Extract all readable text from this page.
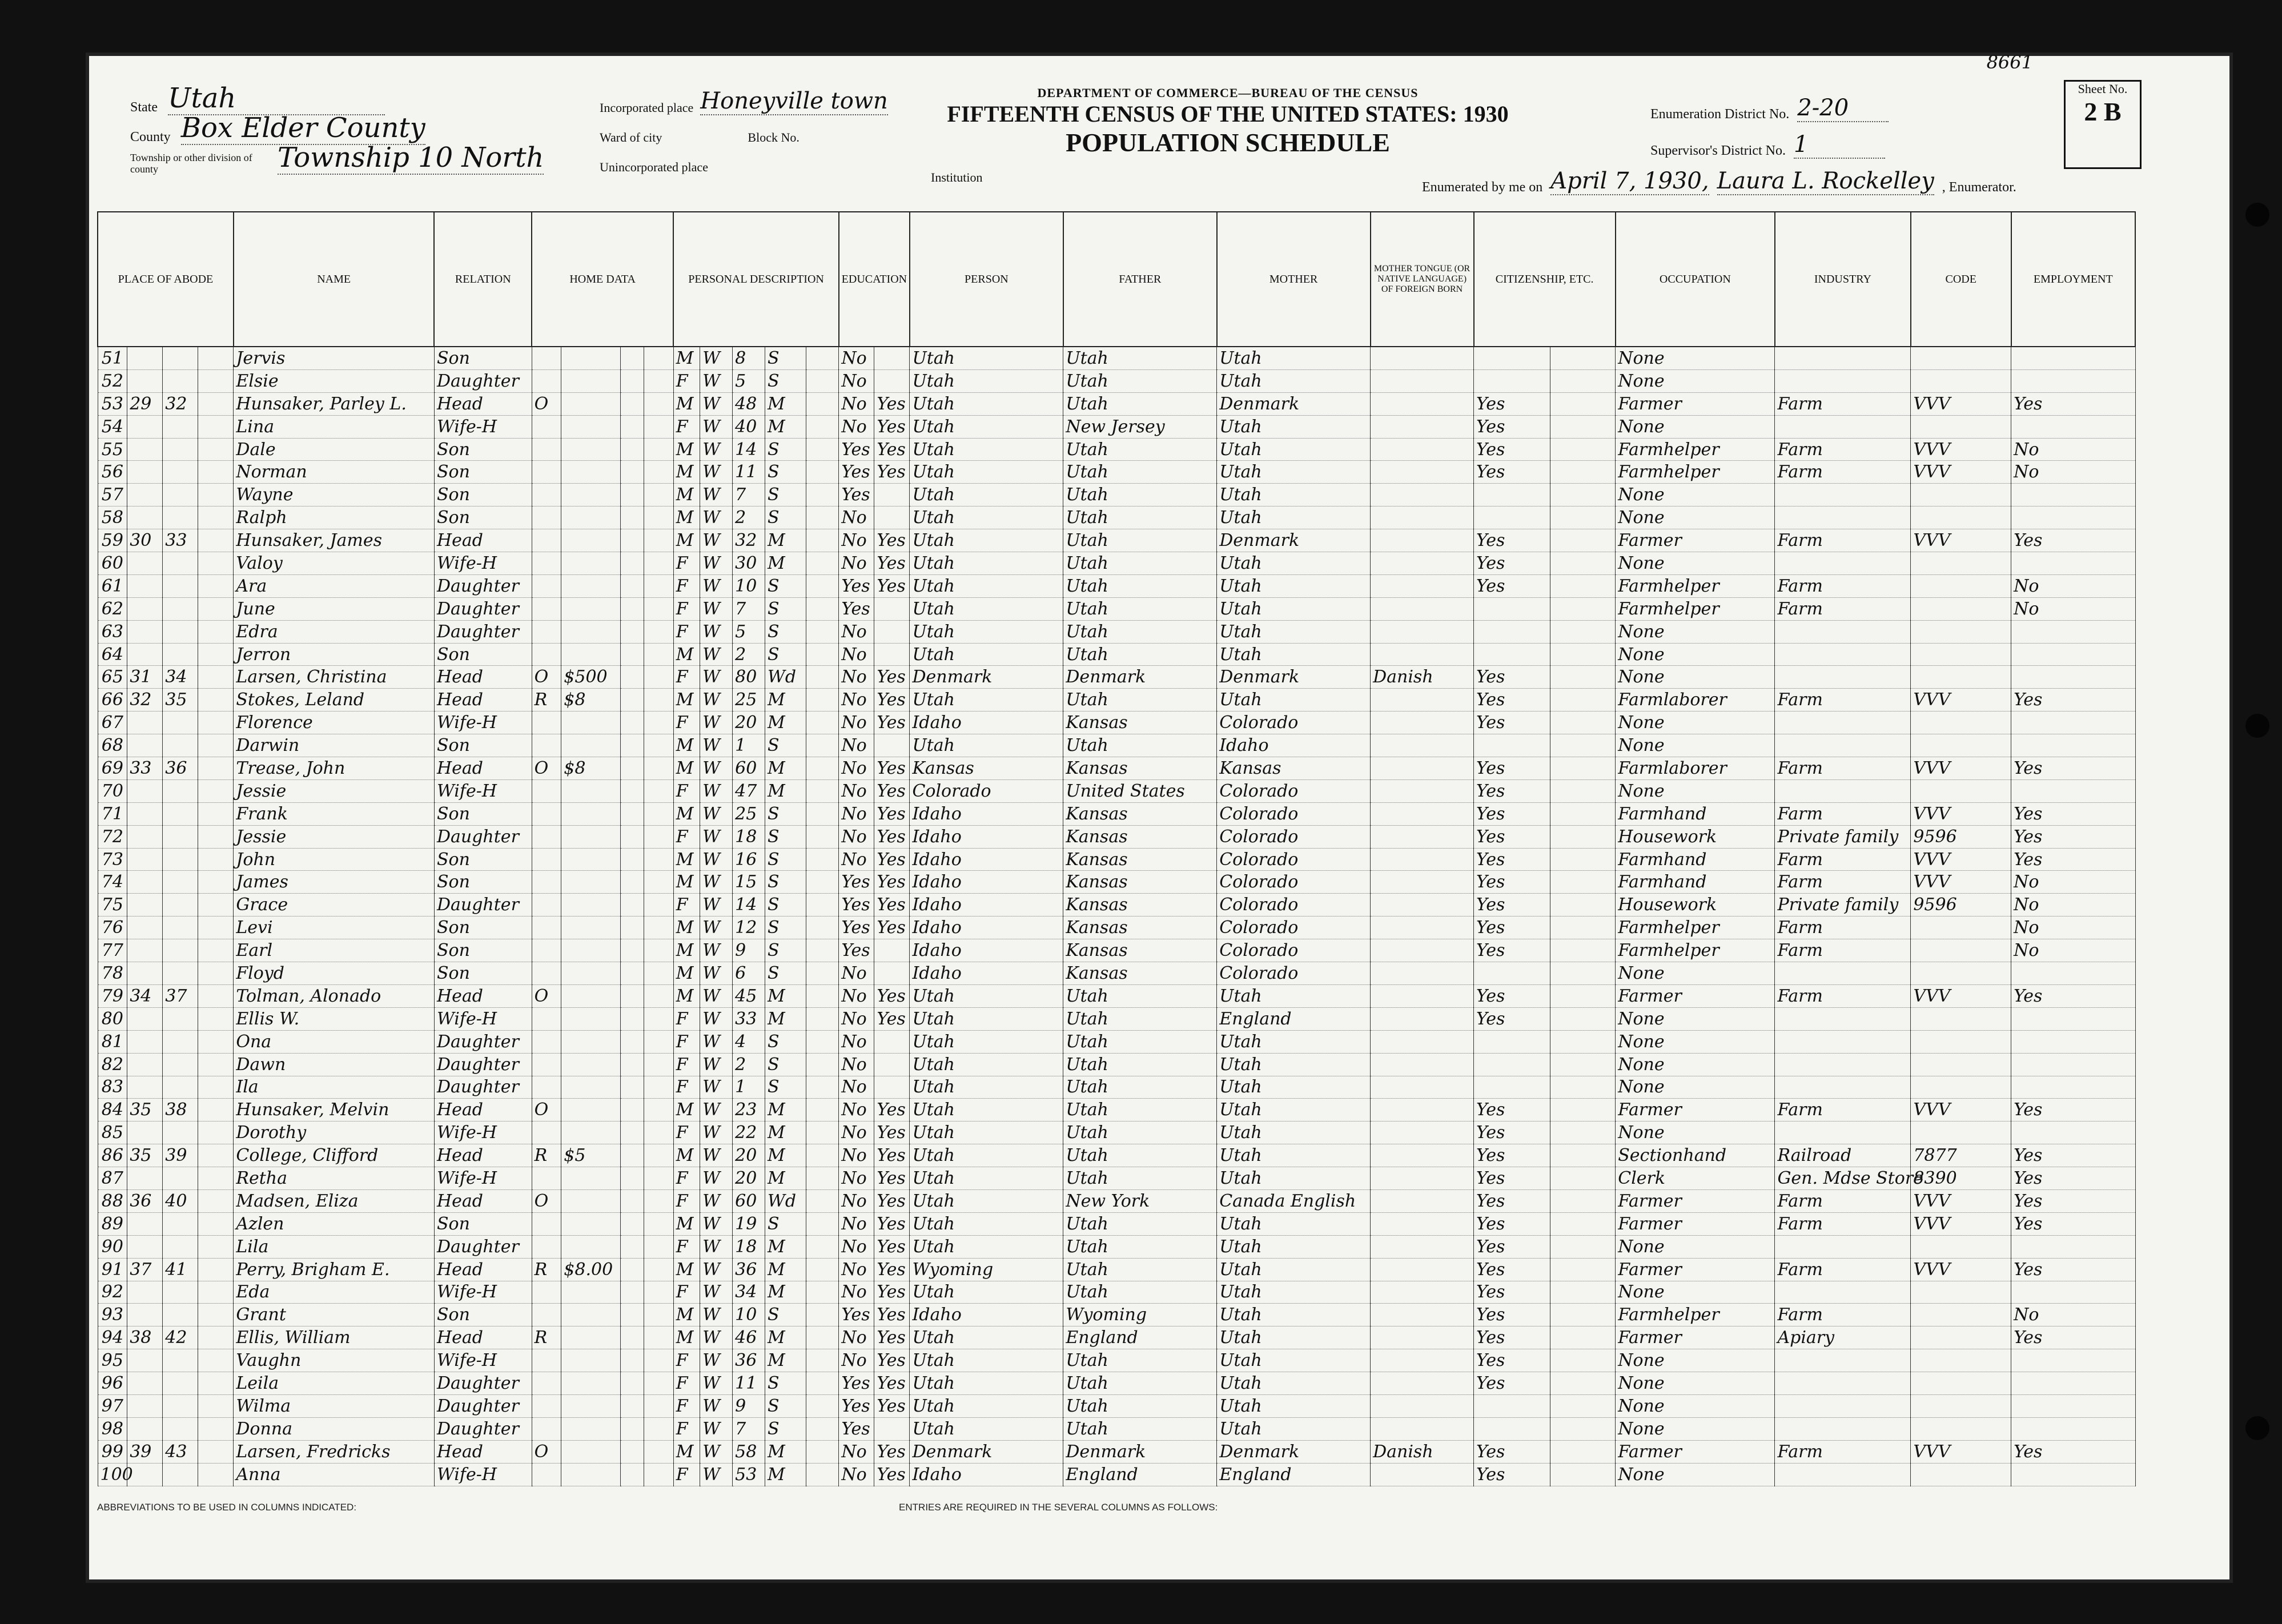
State Utah
County Box Elder County
Township or other division of county	Township 10 North
Incorporated place Honeyville town
Ward of city	Block No.
Unincorporated place
DEPARTMENT OF COMMERCE—BUREAU OF THE CENSUS
FIFTEENTH CENSUS OF THE UNITED STATES: 1930
POPULATION SCHEDULE
Institution
Enumeration District No. 2-20
Supervisor's District No. 1
Enumerated by me on April 7, 1930, Laura L. Rockelley , Enumerator.
Sheet No.
2 B
8661
PLACE OF ABODE				NAME	RELATION	HOME DATA				PERSONAL DESCRIPTION					EDUCATION		PERSON	FATHER	MOTHER	MOTHER TONGUE (OR NATIVE LANGUAGE) OF FOREIGN BORN	CITIZENSHIP, ETC.		OCCUPATION	INDUSTRY	CODE	EMPLOYMENT
51				Jervis	Son					M	W	8	S		No		Utah	Utah	Utah				None			
52				Elsie	Daughter					F	W	5	S		No		Utah	Utah	Utah				None			
53	29	32		Hunsaker, Parley L.	Head	O				M	W	48	M		No	Yes	Utah	Utah	Denmark		Yes		Farmer	Farm	VVV	Yes
54				Lina	Wife-H					F	W	40	M		No	Yes	Utah	New Jersey	Utah		Yes		None			
55				Dale	Son					M	W	14	S		Yes	Yes	Utah	Utah	Utah		Yes		Farmhelper	Farm	VVV	No
56				Norman	Son					M	W	11	S		Yes	Yes	Utah	Utah	Utah		Yes		Farmhelper	Farm	VVV	No
57				Wayne	Son					M	W	7	S		Yes		Utah	Utah	Utah				None			
58				Ralph	Son					M	W	2	S		No		Utah	Utah	Utah				None			
59	30	33		Hunsaker, James	Head					M	W	32	M		No	Yes	Utah	Utah	Denmark		Yes		Farmer	Farm	VVV	Yes
60				Valoy	Wife-H					F	W	30	M		No	Yes	Utah	Utah	Utah		Yes		None			
61				Ara	Daughter					F	W	10	S		Yes	Yes	Utah	Utah	Utah		Yes		Farmhelper	Farm		No
62				June	Daughter					F	W	7	S		Yes		Utah	Utah	Utah				Farmhelper	Farm		No
63				Edra	Daughter					F	W	5	S		No		Utah	Utah	Utah				None			
64				Jerron	Son					M	W	2	S		No		Utah	Utah	Utah				None			
65	31	34		Larsen, Christina	Head	O	$500			F	W	80	Wd		No	Yes	Denmark	Denmark	Denmark	Danish	Yes		None			
66	32	35		Stokes, Leland	Head	R	$8			M	W	25	M		No	Yes	Utah	Utah	Utah		Yes		Farmlaborer	Farm	VVV	Yes
67				Florence	Wife-H					F	W	20	M		No	Yes	Idaho	Kansas	Colorado		Yes		None			
68				Darwin	Son					M	W	1	S		No		Utah	Utah	Idaho				None			
69	33	36		Trease, John	Head	O	$8			M	W	60	M		No	Yes	Kansas	Kansas	Kansas		Yes		Farmlaborer	Farm	VVV	Yes
70				Jessie	Wife-H					F	W	47	M		No	Yes	Colorado	United States	Colorado		Yes		None			
71				Frank	Son					M	W	25	S		No	Yes	Idaho	Kansas	Colorado		Yes		Farmhand	Farm	VVV	Yes
72				Jessie	Daughter					F	W	18	S		No	Yes	Idaho	Kansas	Colorado		Yes		Housework	Private family	9596	Yes
73				John	Son					M	W	16	S		No	Yes	Idaho	Kansas	Colorado		Yes		Farmhand	Farm	VVV	Yes
74				James	Son					M	W	15	S		Yes	Yes	Idaho	Kansas	Colorado		Yes		Farmhand	Farm	VVV	No
75				Grace	Daughter					F	W	14	S		Yes	Yes	Idaho	Kansas	Colorado		Yes		Housework	Private family	9596	No
76				Levi	Son					M	W	12	S		Yes	Yes	Idaho	Kansas	Colorado		Yes		Farmhelper	Farm		No
77				Earl	Son					M	W	9	S		Yes		Idaho	Kansas	Colorado		Yes		Farmhelper	Farm		No
78				Floyd	Son					M	W	6	S		No		Idaho	Kansas	Colorado				None			
79	34	37		Tolman, Alonado	Head	O				M	W	45	M		No	Yes	Utah	Utah	Utah		Yes		Farmer	Farm	VVV	Yes
80				Ellis W.	Wife-H					F	W	33	M		No	Yes	Utah	Utah	England		Yes		None			
81				Ona	Daughter					F	W	4	S		No		Utah	Utah	Utah				None			
82				Dawn	Daughter					F	W	2	S		No		Utah	Utah	Utah				None			
83				Ila	Daughter					F	W	1	S		No		Utah	Utah	Utah				None			
84	35	38		Hunsaker, Melvin	Head	O				M	W	23	M		No	Yes	Utah	Utah	Utah		Yes		Farmer	Farm	VVV	Yes
85				Dorothy	Wife-H					F	W	22	M		No	Yes	Utah	Utah	Utah		Yes		None			
86	35	39		College, Clifford	Head	R	$5			M	W	20	M		No	Yes	Utah	Utah	Utah		Yes		Sectionhand	Railroad	7877	Yes
87				Retha	Wife-H					F	W	20	M		No	Yes	Utah	Utah	Utah		Yes		Clerk	Gen. Mdse Store	8390	Yes
88	36	40		Madsen, Eliza	Head	O				F	W	60	Wd		No	Yes	Utah	New York	Canada English		Yes		Farmer	Farm	VVV	Yes
89				Azlen	Son					M	W	19	S		No	Yes	Utah	Utah	Utah		Yes		Farmer	Farm	VVV	Yes
90				Lila	Daughter					F	W	18	M		No	Yes	Utah	Utah	Utah		Yes		None			
91	37	41		Perry, Brigham E.	Head	R	$8.00			M	W	36	M		No	Yes	Wyoming	Utah	Utah		Yes		Farmer	Farm	VVV	Yes
92				Eda	Wife-H					F	W	34	M		No	Yes	Utah	Utah	Utah		Yes		None			
93				Grant	Son					M	W	10	S		Yes	Yes	Idaho	Wyoming	Utah		Yes		Farmhelper	Farm		No
94	38	42		Ellis, William	Head	R				M	W	46	M		No	Yes	Utah	England	Utah		Yes		Farmer	Apiary		Yes
95				Vaughn	Wife-H					F	W	36	M		No	Yes	Utah	Utah	Utah		Yes		None			
96				Leila	Daughter					F	W	11	S		Yes	Yes	Utah	Utah	Utah		Yes		None			
97				Wilma	Daughter					F	W	9	S		Yes	Yes	Utah	Utah	Utah				None			
98				Donna	Daughter					F	W	7	S		Yes		Utah	Utah	Utah				None			
99	39	43		Larsen, Fredricks	Head	O				M	W	58	M		No	Yes	Denmark	Denmark	Denmark	Danish	Yes		Farmer	Farm	VVV	Yes
100				Anna	Wife-H					F	W	53	M		No	Yes	Idaho	England	England		Yes		None			
ABBREVIATIONS TO BE USED IN COLUMNS INDICATED:	ENTRIES ARE REQUIRED IN THE SEVERAL COLUMNS AS FOLLOWS:
